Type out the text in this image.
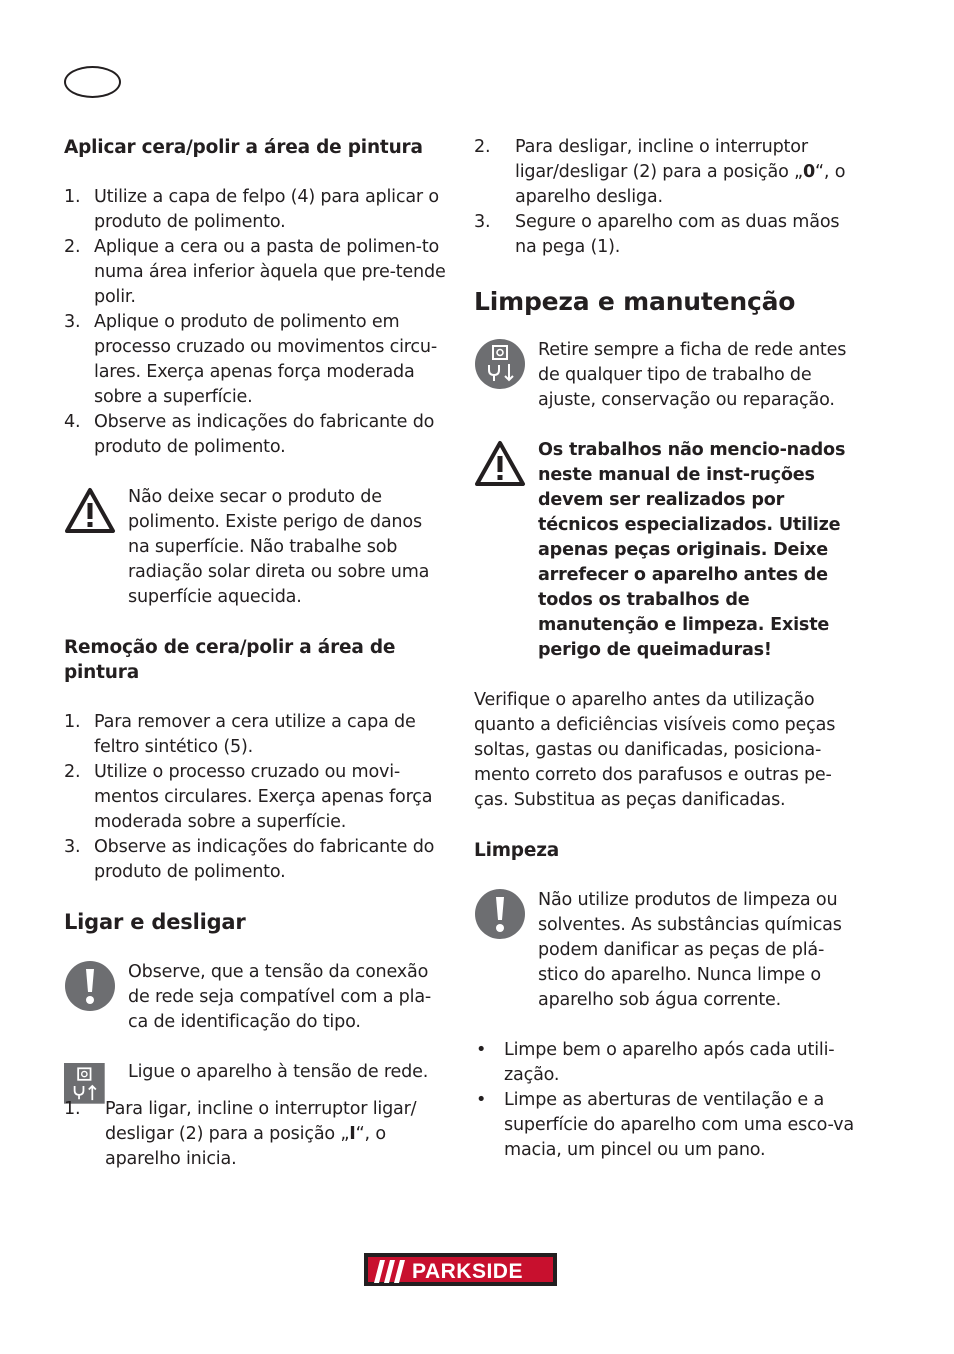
Aplicar cera/polir a área de pintura
1. Utilize a capa de felpo (4) para aplicar o produto de polimento.
2. Aplique a cera ou a pasta de polimen-to numa área inferior àquela que pre-tende polir.
3. Aplique o produto de polimento em processo cruzado ou movimentos circu-lares. Exerça apenas força moderada sobre a superfície.
4. Observe as indicações do fabricante do produto de polimento.
Não deixe secar o produto de polimento. Existe perigo de danos na superfície. Não trabalhe sob radiação solar direta ou sobre uma superfície aquecida.
Remoção de cera/polir a área de pintura
1. Para remover a cera utilize a capa de feltro sintético (5).
2. Utilize o processo cruzado ou movi-mentos circulares. Exerça apenas força moderada sobre a superfície.
3. Observe as indicações do fabricante do produto de polimento.
Ligar e desligar
Observe, que a tensão da conexão de rede seja compatível com a pla-ca de identificação do tipo.
Ligue o aparelho à tensão de rede.
1. Para ligar, incline o interruptor ligar/ desligar (2) para a posição „I“, o aparelho inicia.
2. Para desligar, incline o interruptor ligar/desligar (2) para a posição „0“, o aparelho desliga.
3. Segure o aparelho com as duas mãos na pega (1).
Limpeza e manutenção
Retire sempre a ficha de rede antes de qualquer tipo de trabalho de ajuste, conservação ou reparação.
Os trabalhos não mencio-nados neste manual de inst-ruções devem ser realizados por técnicos especializados. Utilize apenas peças originais. Deixe arrefecer o aparelho antes de todos os trabalhos de manutenção e limpeza. Existe perigo de queimaduras!
Verifique o aparelho antes da utilização quanto a deficiências visíveis como peças soltas, gastas ou danificadas, posiciona-mento correto dos parafusos e outras pe-ças. Substitua as peças danificadas.
Limpeza
Não utilize produtos de limpeza ou solventes. As substâncias químicas podem danificar as peças de plá-stico do aparelho. Nunca limpe o aparelho sob água corrente.
• Limpe bem o aparelho após cada utili-zação.
• Limpe as aberturas de ventilação e a superfície do aparelho com uma esco-va macia, um pincel ou um pano.
PARKSIDE
